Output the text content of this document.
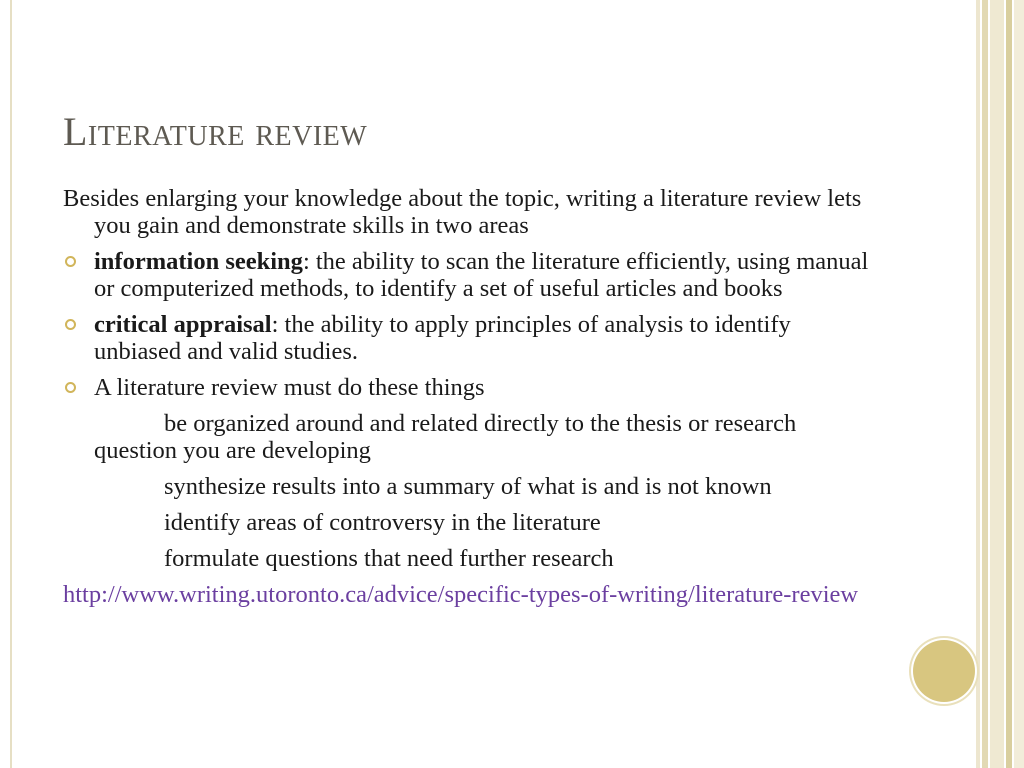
Literature review

Besides enlarging your knowledge about the topic, writing a literature review lets you gain and demonstrate skills in two areas

information seeking: the ability to scan the literature efficiently, using manual or computerized methods, to identify a set of useful articles and books
critical appraisal: the ability to apply principles of analysis to identify unbiased and valid studies.
A literature review must do these things
be organized around and related directly to the thesis or research question you are developing
synthesize results into a summary of what is and is not known
identify areas of controversy in the literature
formulate questions that need further research

http://www.writing.utoronto.ca/advice/specific-types-of-writing/literature-review
